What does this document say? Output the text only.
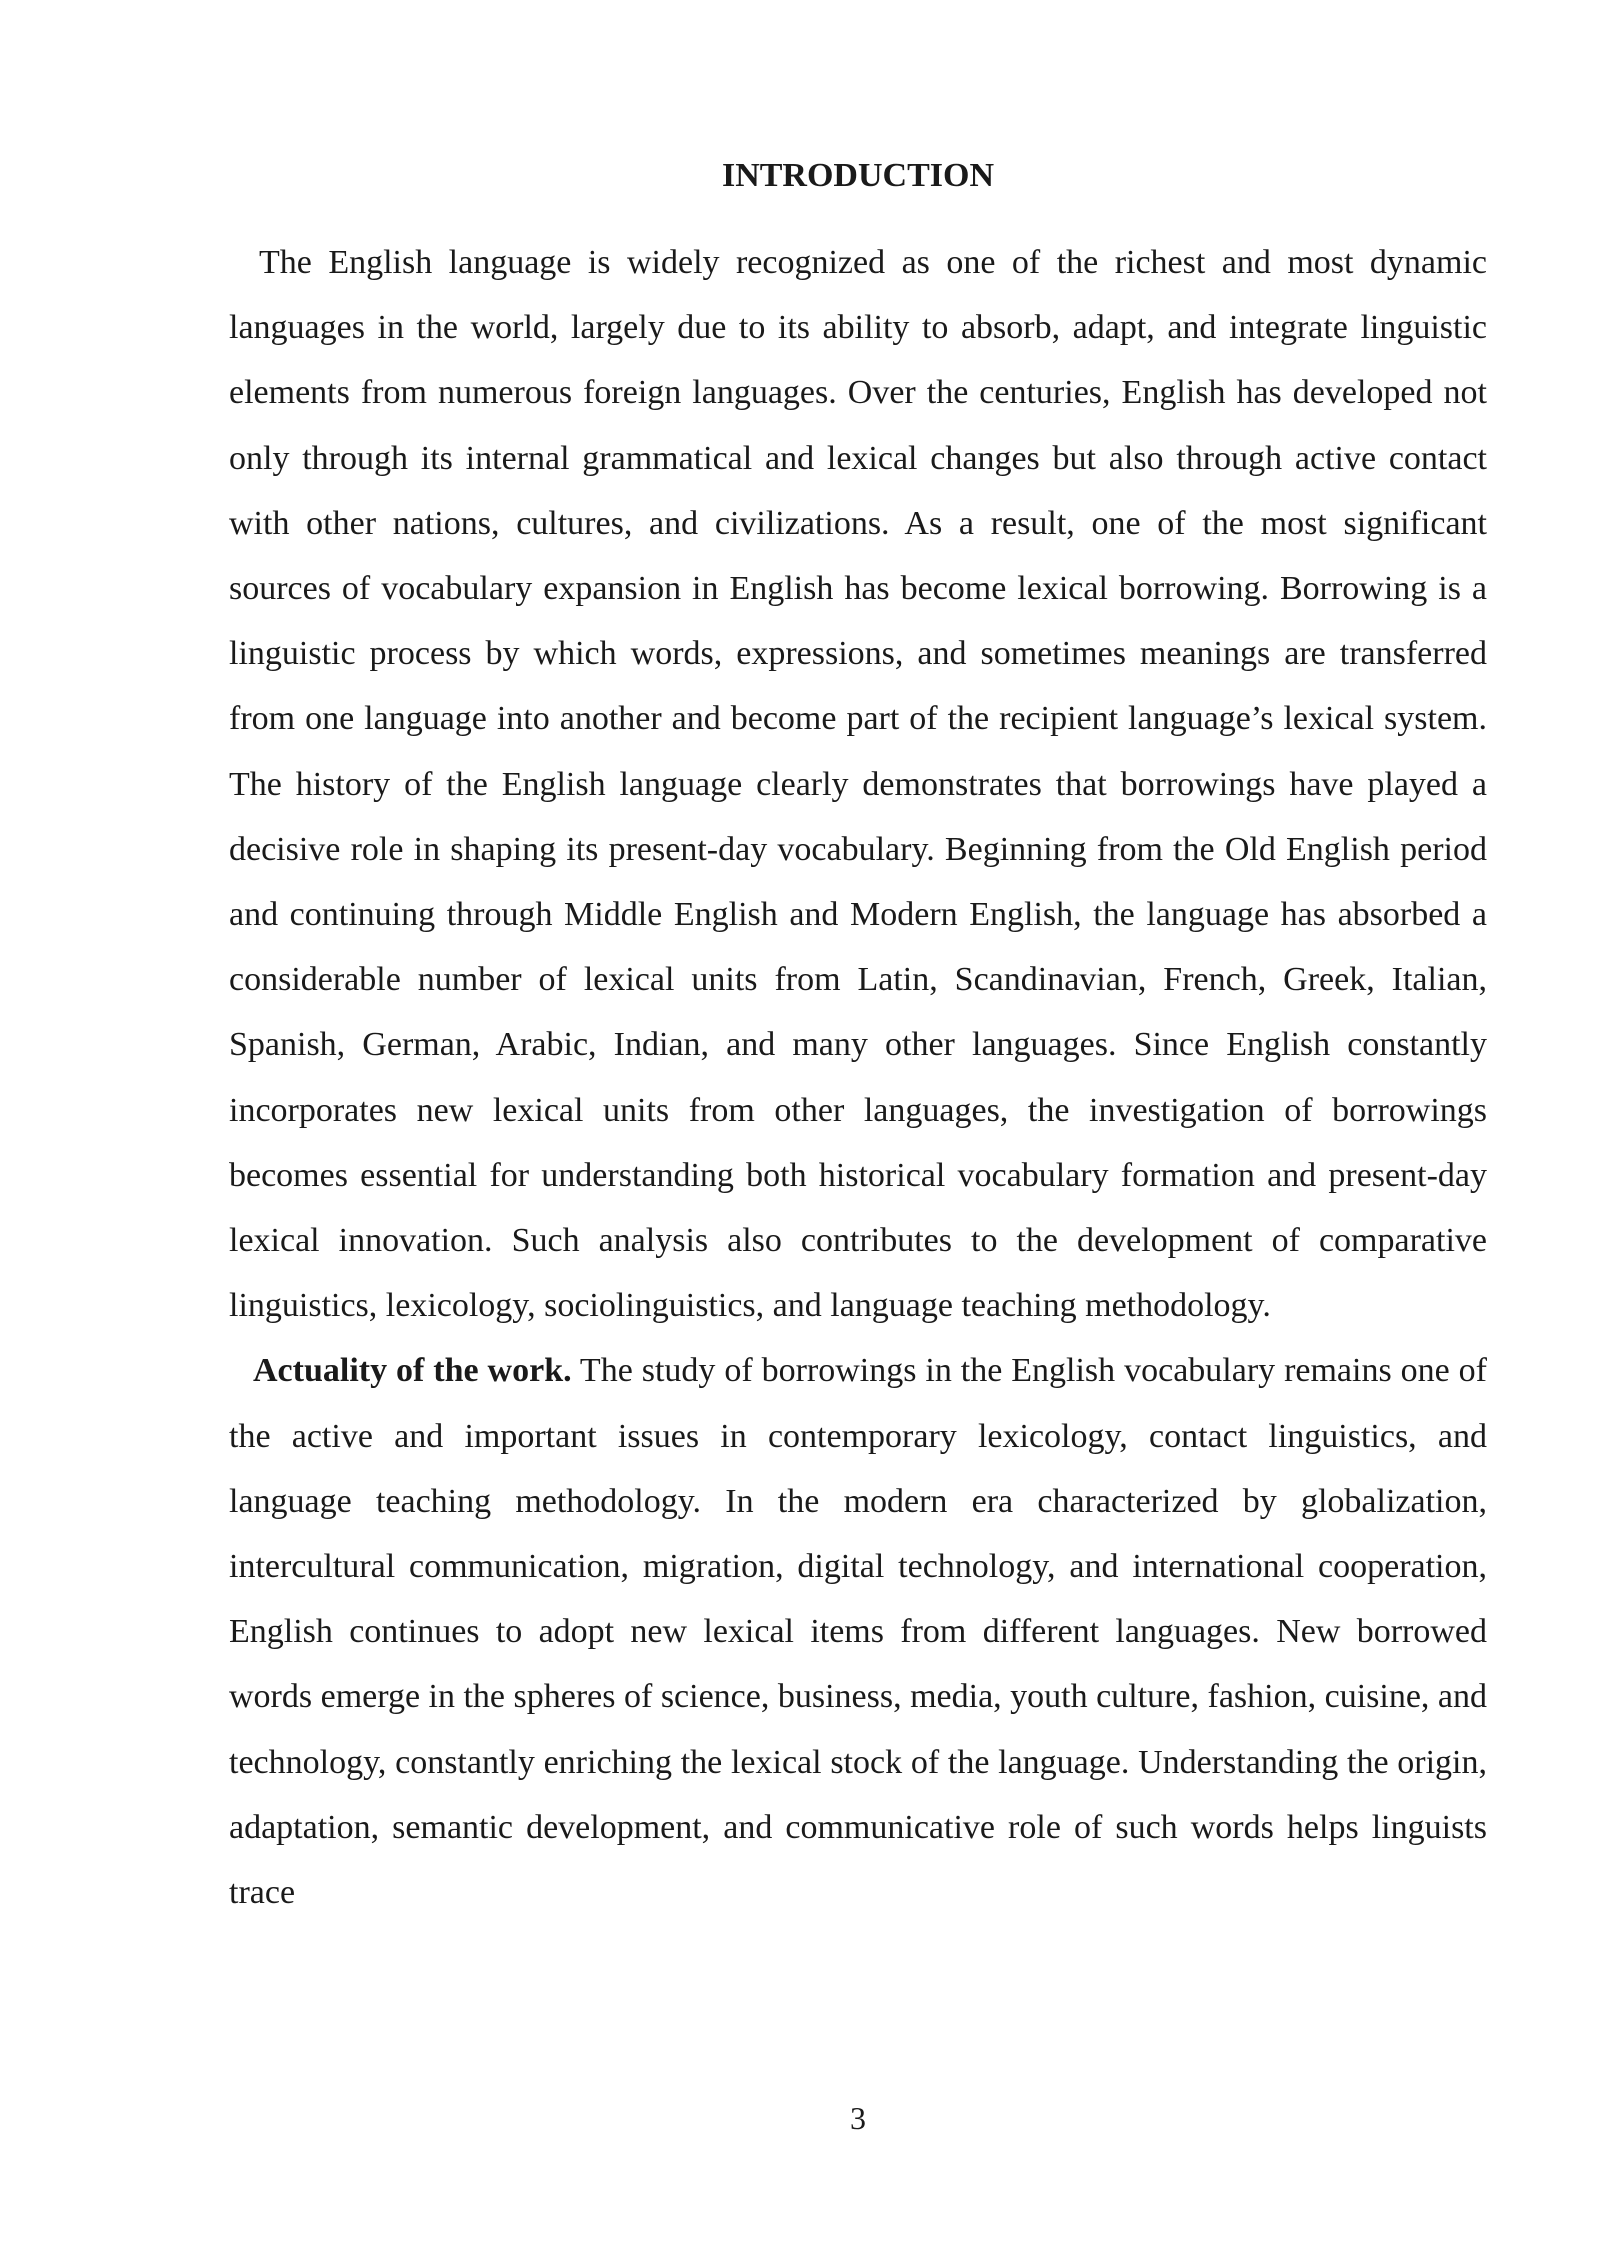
INTRODUCTION

The English language is widely recognized as one of the richest and most dynamic languages in the world, largely due to its ability to absorb, adapt, and integrate linguistic elements from numerous foreign languages. Over the centuries, English has developed not only through its internal grammatical and lexical changes but also through active contact with other nations, cultures, and civilizations. As a result, one of the most significant sources of vocabulary expansion in English has become lexical borrowing. Borrowing is a linguistic process by which words, expressions, and sometimes meanings are transferred from one language into another and become part of the recipient language’s lexical system. The history of the English language clearly demonstrates that borrowings have played a decisive role in shaping its present-day vocabulary. Beginning from the Old English period and continuing through Middle English and Modern English, the language has absorbed a considerable number of lexical units from Latin, Scandinavian, French, Greek, Italian, Spanish, German, Arabic, Indian, and many other languages. Since English constantly incorporates new lexical units from other languages, the investigation of borrowings becomes essential for understanding both historical vocabulary formation and present-day lexical innovation. Such analysis also contributes to the development of comparative linguistics, lexicology, sociolinguistics, and language teaching methodology.

Actuality of the work. The study of borrowings in the English vocabulary remains one of the active and important issues in contemporary lexicology, contact linguistics, and language teaching methodology. In the modern era characterized by globalization, intercultural communication, migration, digital technology, and international cooperation, English continues to adopt new lexical items from different languages. New borrowed words emerge in the spheres of science, business, media, youth culture, fashion, cuisine, and technology, constantly enriching the lexical stock of the language. Understanding the origin, adaptation, semantic development, and communicative role of such words helps linguists trace

3
